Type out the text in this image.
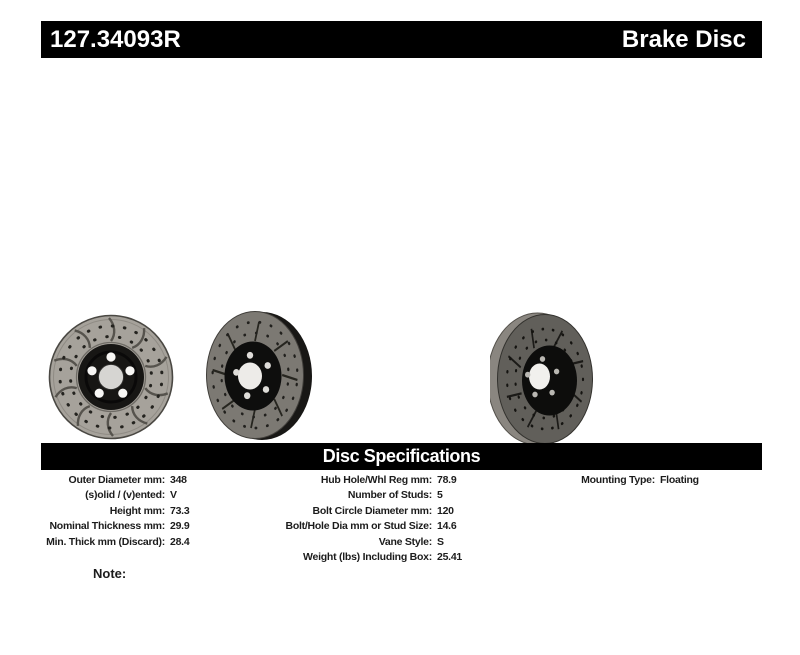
127.34093R	Brake Disc
Disc Specifications
Outer Diameter mm: 348
(s)olid / (v)ented: V
Height mm: 73.3
Nominal Thickness mm: 29.9
Min. Thick mm (Discard): 28.4
Hub Hole/Whl Reg mm: 78.9
Number of Studs: 5
Bolt Circle Diameter mm: 120
Bolt/Hole Dia mm or Stud Size: 14.6
Vane Style: S
Weight (lbs) Including Box: 25.41
Mounting Type: Floating
Note:
